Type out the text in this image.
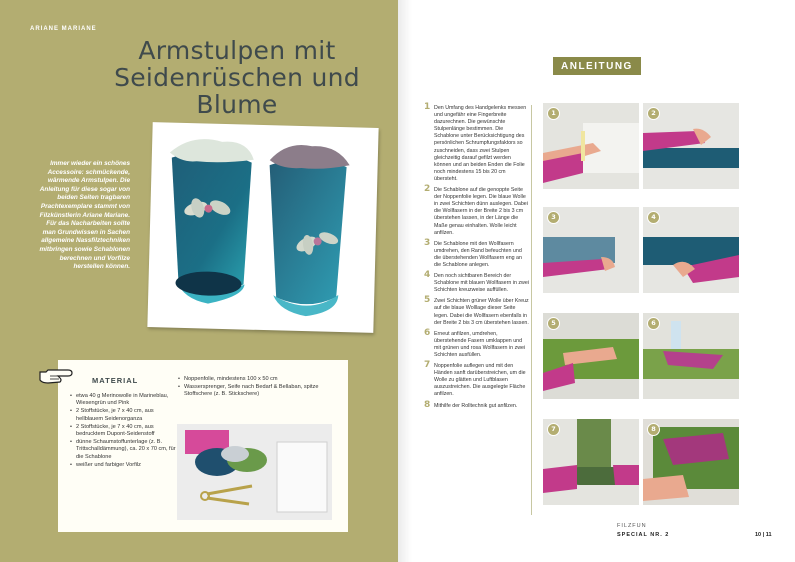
ARIANE MARIANE
Armstulpen mit
Seidenrüschen und Blume
Immer wieder ein schönes Accessoire: schmückende, wärmende Armstulpen. Die Anleitung für diese sogar von beiden Seiten tragbaren Prachtexemplare stammt von Filzkünstlerin Ariane Mariane. Für das Nacharbeiten sollte man Grundwissen in Sachen allgemeine Nassfilztechniken mitbringen sowie Schablonen berechnen und Vorfilze herstellen können.
MATERIAL
• etwa 40 g Merinowolle in Marineblau, Wiesengrün und Pink
• 2 Stoffstücke, je 7 x 40 cm, aus hellblauem Seidenorganza
• 2 Stoffstücke, je 7 x 40 cm, aus bedrucktem Dupont-Seidenstoff
• dünne Schaumstoffunterlage (z. B. Trittschalldämmung), ca. 20 x 70 cm, für die Schablone
• weißer und farbiger Vorfilz
• Noppenfolie, mindestens 100 x 50 cm
• Wassersprenger, Seife nach Bedarf & Bellaban, spitze Stoffschere (z. B. Stickschere)
ANLEITUNG
1 Den Umfang des Handgelenks messen und ungefähr eine Fingerbreite dazurechnen. Die gewünschte Stulpenlänge bestimmen. Die Schablone unter Berücksichtigung des persönlichen Schrumpfungsfaktors so zuschneiden, dass zwei Stulpen gleichzeitig darauf gefilzt werden können und an beiden Enden die Folie noch mindestens 15 bis 20 cm übersteht.
2 Die Schablone auf die genoppte Seite der Noppenfolie legen. Die blaue Wolle in zwei Schichten dünn auslegen. Dabei die Wollfasern in der Breite 2 bis 3 cm überstehen lassen, in der Länge die Maße genau einhalten. Wolle leicht anfilzen.
3 Die Schablone mit den Wollfasern umdrehen, den Rand befeuchten und die überstehenden Wollfasern eng an die Schablone anlegen.
4 Den noch sichtbaren Bereich der Schablone mit blauen Wollfasern in zwei Schichten kreuzweise auffüllen.
5 Zwei Schichten grüner Wolle über Kreuz auf die blaue Wolllage dieser Seite legen. Dabei die Wollfasern ebenfalls in der Breite 2 bis 3 cm überstehen lassen.
6 Erneut anfilzen, umdrehen, überstehende Fasern umklappen und mit grünen und rosa Wollfasern in zwei Schichten ausfüllen.
7 Noppenfolie auflegen und mit den Händen sanft darüberstreichen, um die Wolle zu glätten und Luftblasen auszustreichen. Die ausgelegte Fläche anfilzen.
8 Mithilfe der Rolltechnik gut anfilzen.
1	2
3	4
5	6
7	8
FILZFUN
SPECIAL NR. 2	10 | 11
